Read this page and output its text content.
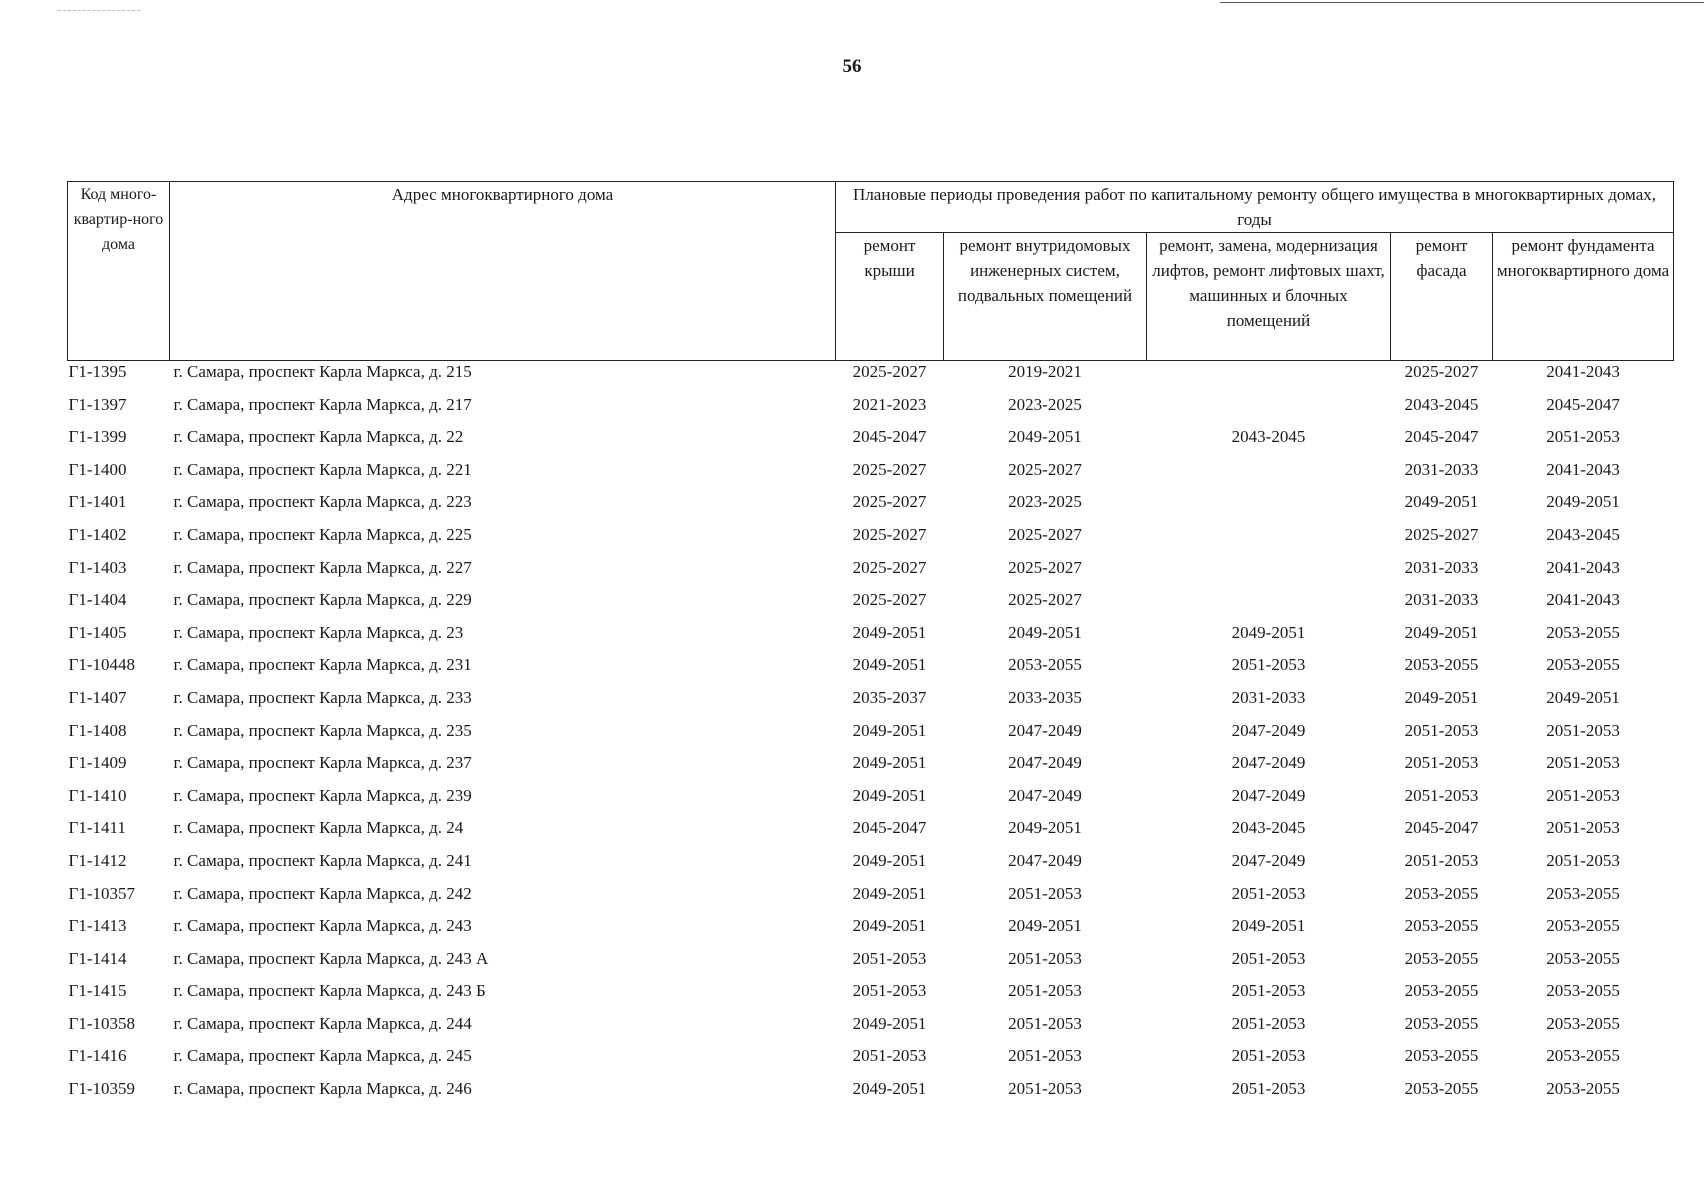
56
Код много-квартир-ного дома	Адрес многоквартирного дома	Плановые периоды проведения работ по капитальному ремонту общего имущества в многоквартирных домах, годы				
		ремонт крыши	ремонт внутридомовых инженерных систем, подвальных помещений	ремонт, замена, модернизация лифтов, ремонт лифтовых шахт, машинных и блочных помещений	ремонт фасада	ремонт фундамента многоквартирного дома
Г1-1395	г. Самара, проспект Карла Маркса, д. 215	2025-2027	2019-2021		2025-2027	2041-2043
Г1-1397	г. Самара, проспект Карла Маркса, д. 217	2021-2023	2023-2025		2043-2045	2045-2047
Г1-1399	г. Самара, проспект Карла Маркса, д. 22	2045-2047	2049-2051	2043-2045	2045-2047	2051-2053
Г1-1400	г. Самара, проспект Карла Маркса, д. 221	2025-2027	2025-2027		2031-2033	2041-2043
Г1-1401	г. Самара, проспект Карла Маркса, д. 223	2025-2027	2023-2025		2049-2051	2049-2051
Г1-1402	г. Самара, проспект Карла Маркса, д. 225	2025-2027	2025-2027		2025-2027	2043-2045
Г1-1403	г. Самара, проспект Карла Маркса, д. 227	2025-2027	2025-2027		2031-2033	2041-2043
Г1-1404	г. Самара, проспект Карла Маркса, д. 229	2025-2027	2025-2027		2031-2033	2041-2043
Г1-1405	г. Самара, проспект Карла Маркса, д. 23	2049-2051	2049-2051	2049-2051	2049-2051	2053-2055
Г1-10448	г. Самара, проспект Карла Маркса, д. 231	2049-2051	2053-2055	2051-2053	2053-2055	2053-2055
Г1-1407	г. Самара, проспект Карла Маркса, д. 233	2035-2037	2033-2035	2031-2033	2049-2051	2049-2051
Г1-1408	г. Самара, проспект Карла Маркса, д. 235	2049-2051	2047-2049	2047-2049	2051-2053	2051-2053
Г1-1409	г. Самара, проспект Карла Маркса, д. 237	2049-2051	2047-2049	2047-2049	2051-2053	2051-2053
Г1-1410	г. Самара, проспект Карла Маркса, д. 239	2049-2051	2047-2049	2047-2049	2051-2053	2051-2053
Г1-1411	г. Самара, проспект Карла Маркса, д. 24	2045-2047	2049-2051	2043-2045	2045-2047	2051-2053
Г1-1412	г. Самара, проспект Карла Маркса, д. 241	2049-2051	2047-2049	2047-2049	2051-2053	2051-2053
Г1-10357	г. Самара, проспект Карла Маркса, д. 242	2049-2051	2051-2053	2051-2053	2053-2055	2053-2055
Г1-1413	г. Самара, проспект Карла Маркса, д. 243	2049-2051	2049-2051	2049-2051	2053-2055	2053-2055
Г1-1414	г. Самара, проспект Карла Маркса, д. 243 А	2051-2053	2051-2053	2051-2053	2053-2055	2053-2055
Г1-1415	г. Самара, проспект Карла Маркса, д. 243 Б	2051-2053	2051-2053	2051-2053	2053-2055	2053-2055
Г1-10358	г. Самара, проспект Карла Маркса, д. 244	2049-2051	2051-2053	2051-2053	2053-2055	2053-2055
Г1-1416	г. Самара, проспект Карла Маркса, д. 245	2051-2053	2051-2053	2051-2053	2053-2055	2053-2055
Г1-10359	г. Самара, проспект Карла Маркса, д. 246	2049-2051	2051-2053	2051-2053	2053-2055	2053-2055
